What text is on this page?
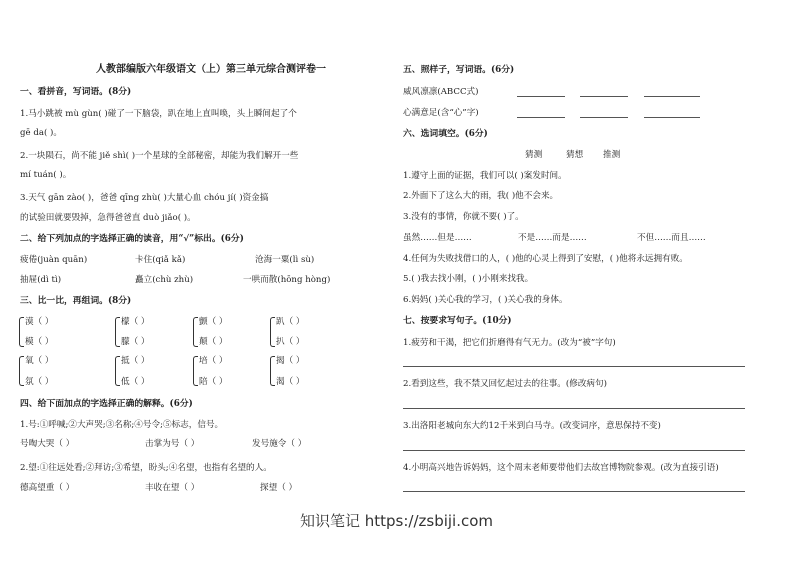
人教部编版六年级语文（上）第三单元综合测评卷一
一、看拼音，写词语。(8分)
1.马小跳被 mù gùn( )碰了一下脑袋，趴在地上直叫唤，头上瞬间起了个
gē da( )。
2.一块陨石，尚不能 jiě shì( )一个星球的全部秘密，却能为我们解开一些
mí tuán( )。
3.天气 gān zào( )，爸爸 qīng zhù( )大量心血 chóu jí( )资金搞
的试验田就要毁掉，急得爸爸直 duò jiǎo( )。
二、给下列加点的字选择正确的读音，用“√”标出。(6分)
疲倦(juàn quān)	卡住(qiǎ kǎ)	沧海一粟(lì sù)
抽屉(dì tì)	矗立(chù zhù)	一哄而散(hōng hòng)
三、比一比，再组词。(8分)
漠（ ）	檬（ ）	颤（ ）	趴（ ）
模（ ）	朦（ ）	颠（ ）	扒（ ）
氧（ ）	抵（ ）	培（ ）	揭（ ）
氛（ ）	低（ ）	陪（ ）	渴（ ）
四、给下面加点的字选择正确的解释。(6分)
1.号:①呼喊;②大声哭;③名称;④号令;⑤标志，信号。
号啕大哭（ ）	击掌为号（ ）	发号施令（ ）
2.望:①往远处看;②拜访;③希望，盼头;④名望，也指有名望的人。
德高望重（ ）	丰收在望（ ）	探望（ ）
五、照样子，写词语。(6分)
威风凛凛(ABCC式)
心满意足(含“心”字)
六、选词填空。(6分)
猜测	猜想 推测
1.遵守上面的证据，我们可以( )案发时间。
2.外面下了这么大的雨，我( )他不会来。
3.没有的事情，你就不要( )了。
虽然……但是……	不是……而是……	不但……而且……
4.任何为失败找借口的人，( )他的心灵上得到了安慰，( )他将永远拥有败。
5.( )我去找小刚，( )小刚来找我。
6.妈妈( )关心我的学习，( )关心我的身体。
七、按要求写句子。(10分)
1.疲劳和干渴，把它们折磨得有气无力。(改为“被”字句)
2.看到这些，我不禁又回忆起过去的往事。(修改病句)
3.出洛阳老城向东大约12千米到白马寺。(改变词序，意思保持不变)
4.小明高兴地告诉妈妈，这个周末老师要带他们去故宫博物院参观。(改为直接引语)
知识笔记 https://zsbiji.com
